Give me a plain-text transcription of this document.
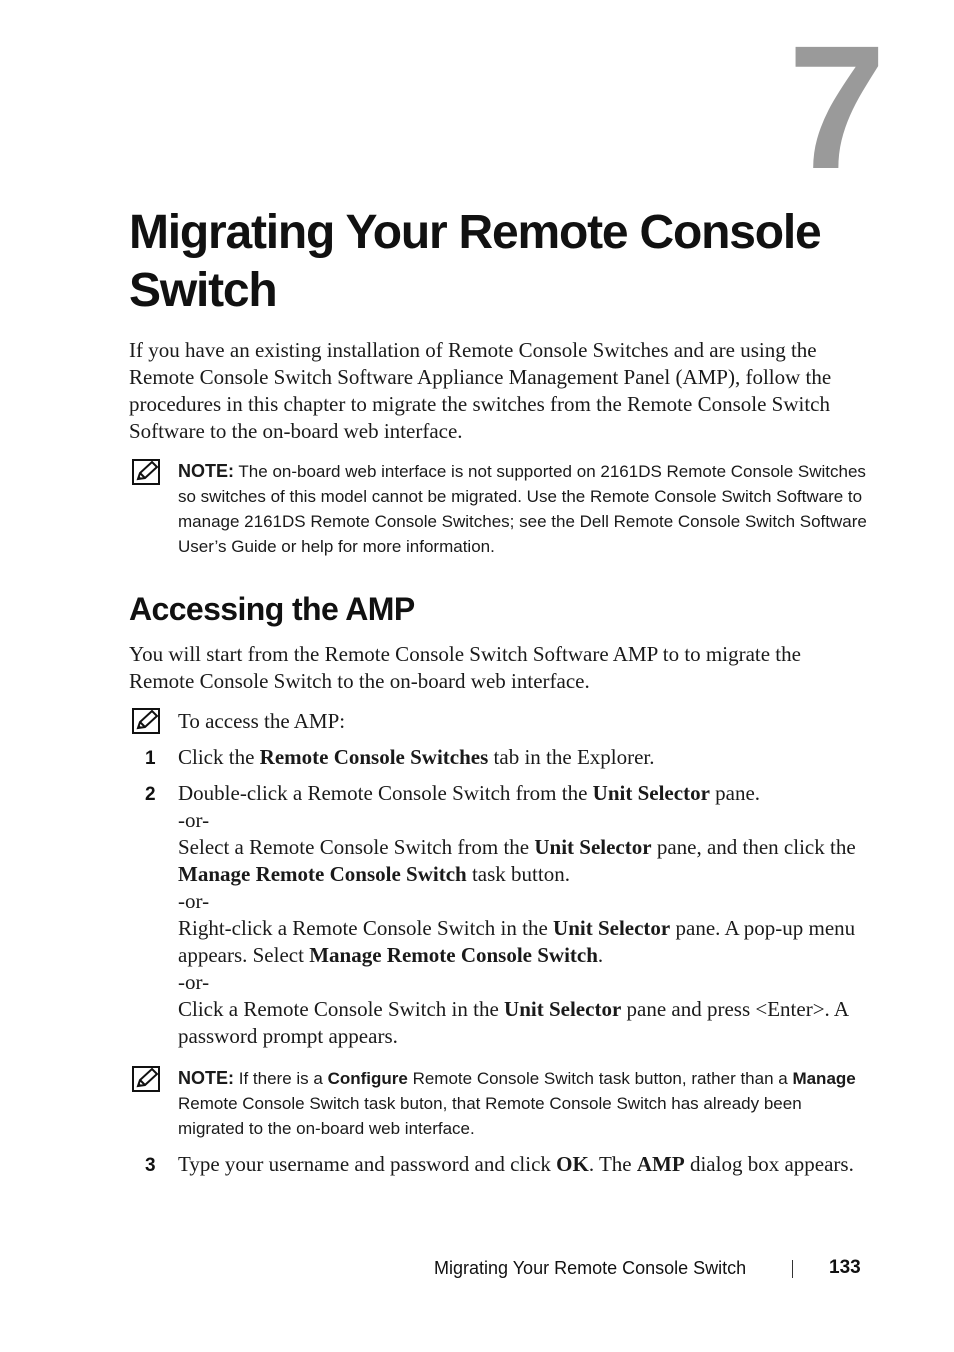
7
Migrating Your Remote Console Switch

If you have an existing installation of Remote Console Switches and are using the Remote Console Switch Software Appliance Management Panel (AMP), follow the procedures in this chapter to migrate the switches from the Remote Console Switch Software to the on-board web interface.

NOTE: The on-board web interface is not supported on 2161DS Remote Console Switches so switches of this model cannot be migrated. Use the Remote Console Switch Software to manage 2161DS Remote Console Switches; see the Dell Remote Console Switch Software User’s Guide or help for more information.

Accessing the AMP

You will start from the Remote Console Switch Software AMP to to migrate the Remote Console Switch to the on-board web interface.

To access the AMP:

1 Click the Remote Console Switches tab in the Explorer.

2 Double-click a Remote Console Switch from the Unit Selector pane.
-or-
Select a Remote Console Switch from the Unit Selector pane, and then click the Manage Remote Console Switch task button.
-or-
Right-click a Remote Console Switch in the Unit Selector pane. A pop-up menu appears. Select Manage Remote Console Switch.
-or-
Click a Remote Console Switch in the Unit Selector pane and press <Enter>. A password prompt appears.

NOTE: If there is a Configure Remote Console Switch task button, rather than a Manage Remote Console Switch task buton, that Remote Console Switch has already been migrated to the on-board web interface.

3 Type your username and password and click OK. The AMP dialog box appears.

Migrating Your Remote Console Switch	133
